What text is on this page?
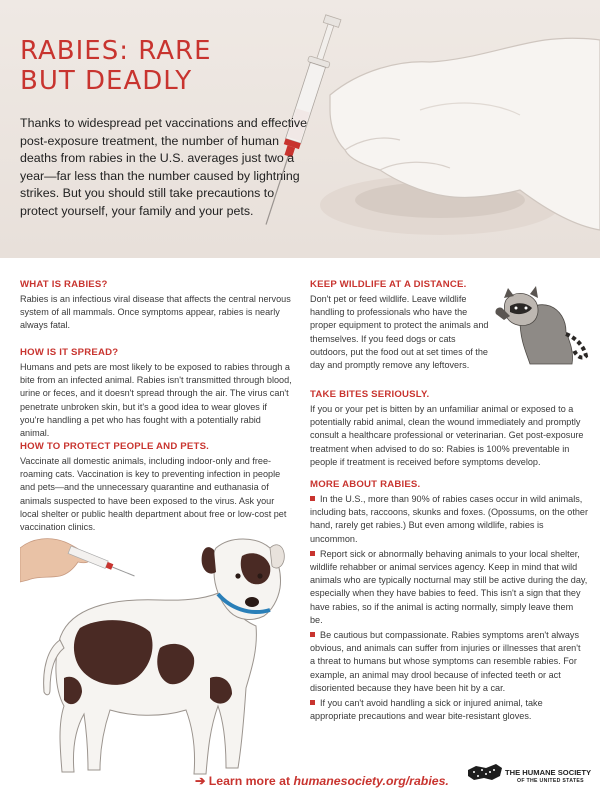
RABIES: RARE
BUT DEADLY

Thanks to widespread pet vaccinations and effective post-exposure treatment, the number of human deaths from rabies in the U.S. averages just two a year—far less than the number caused by lightning strikes. But you should still take precautions to protect yourself, your family and your pets.

WHAT IS RABIES?

Rabies is an infectious viral disease that affects the central nervous system of all mammals. Once symptoms appear, rabies is nearly always fatal.

HOW IS IT SPREAD?

Humans and pets are most likely to be exposed to rabies through a bite from an infected animal. Rabies isn't transmitted through blood, urine or feces, and it doesn't spread through the air. The virus can't penetrate unbroken skin, but it's a good idea to wear gloves if you're handling a pet who has fought with a potentially rabid animal.

HOW TO PROTECT PEOPLE AND PETS.

Vaccinate all domestic animals, including indoor-only and free-roaming cats. Vaccination is key to preventing infection in people and pets—and the unnecessary quarantine and euthanasia of animals suspected to have been exposed to the virus. Ask your local shelter or public health department about free or low-cost pet vaccination clinics.

KEEP WILDLIFE AT A DISTANCE.

Don't pet or feed wildlife. Leave wildlife handling to professionals who have the proper equipment to protect the animals and themselves. If you feed dogs or cats outdoors, put the food out at set times of the day and promptly remove any leftovers.

TAKE BITES SERIOUSLY.

If you or your pet is bitten by an unfamiliar animal or exposed to a potentially rabid animal, clean the wound immediately and promptly consult a healthcare professional or veterinarian. Get post-exposure treatment when advised to do so: Rabies is 100% preventable in people if treatment is received before symptoms develop.

MORE ABOUT RABIES.

In the U.S., more than 90% of rabies cases occur in wild animals, including bats, raccoons, skunks and foxes. (Opossums, on the other hand, rarely get rabies.) But even among wildlife, rabies is uncommon.

Report sick or abnormally behaving animals to your local shelter, wildlife rehabber or animal services agency. Keep in mind that wild animals who are typically nocturnal may still be active during the day, especially when they have babies to feed. This isn't a sign that they have rabies, so if the animal is acting normally, simply leave them be.

Be cautious but compassionate. Rabies symptoms aren't always obvious, and animals can suffer from injuries or illnesses that aren't a threat to humans but whose symptoms can resemble rabies. For example, an animal may drool because of infected teeth or act disoriented because they have been hit by a car.

If you can't avoid handling a sick or injured animal, take appropriate precautions and wear bite-resistant gloves.

➔ Learn more at humanesociety.org/rabies.

THE HUMANE SOCIETY
OF THE UNITED STATES
